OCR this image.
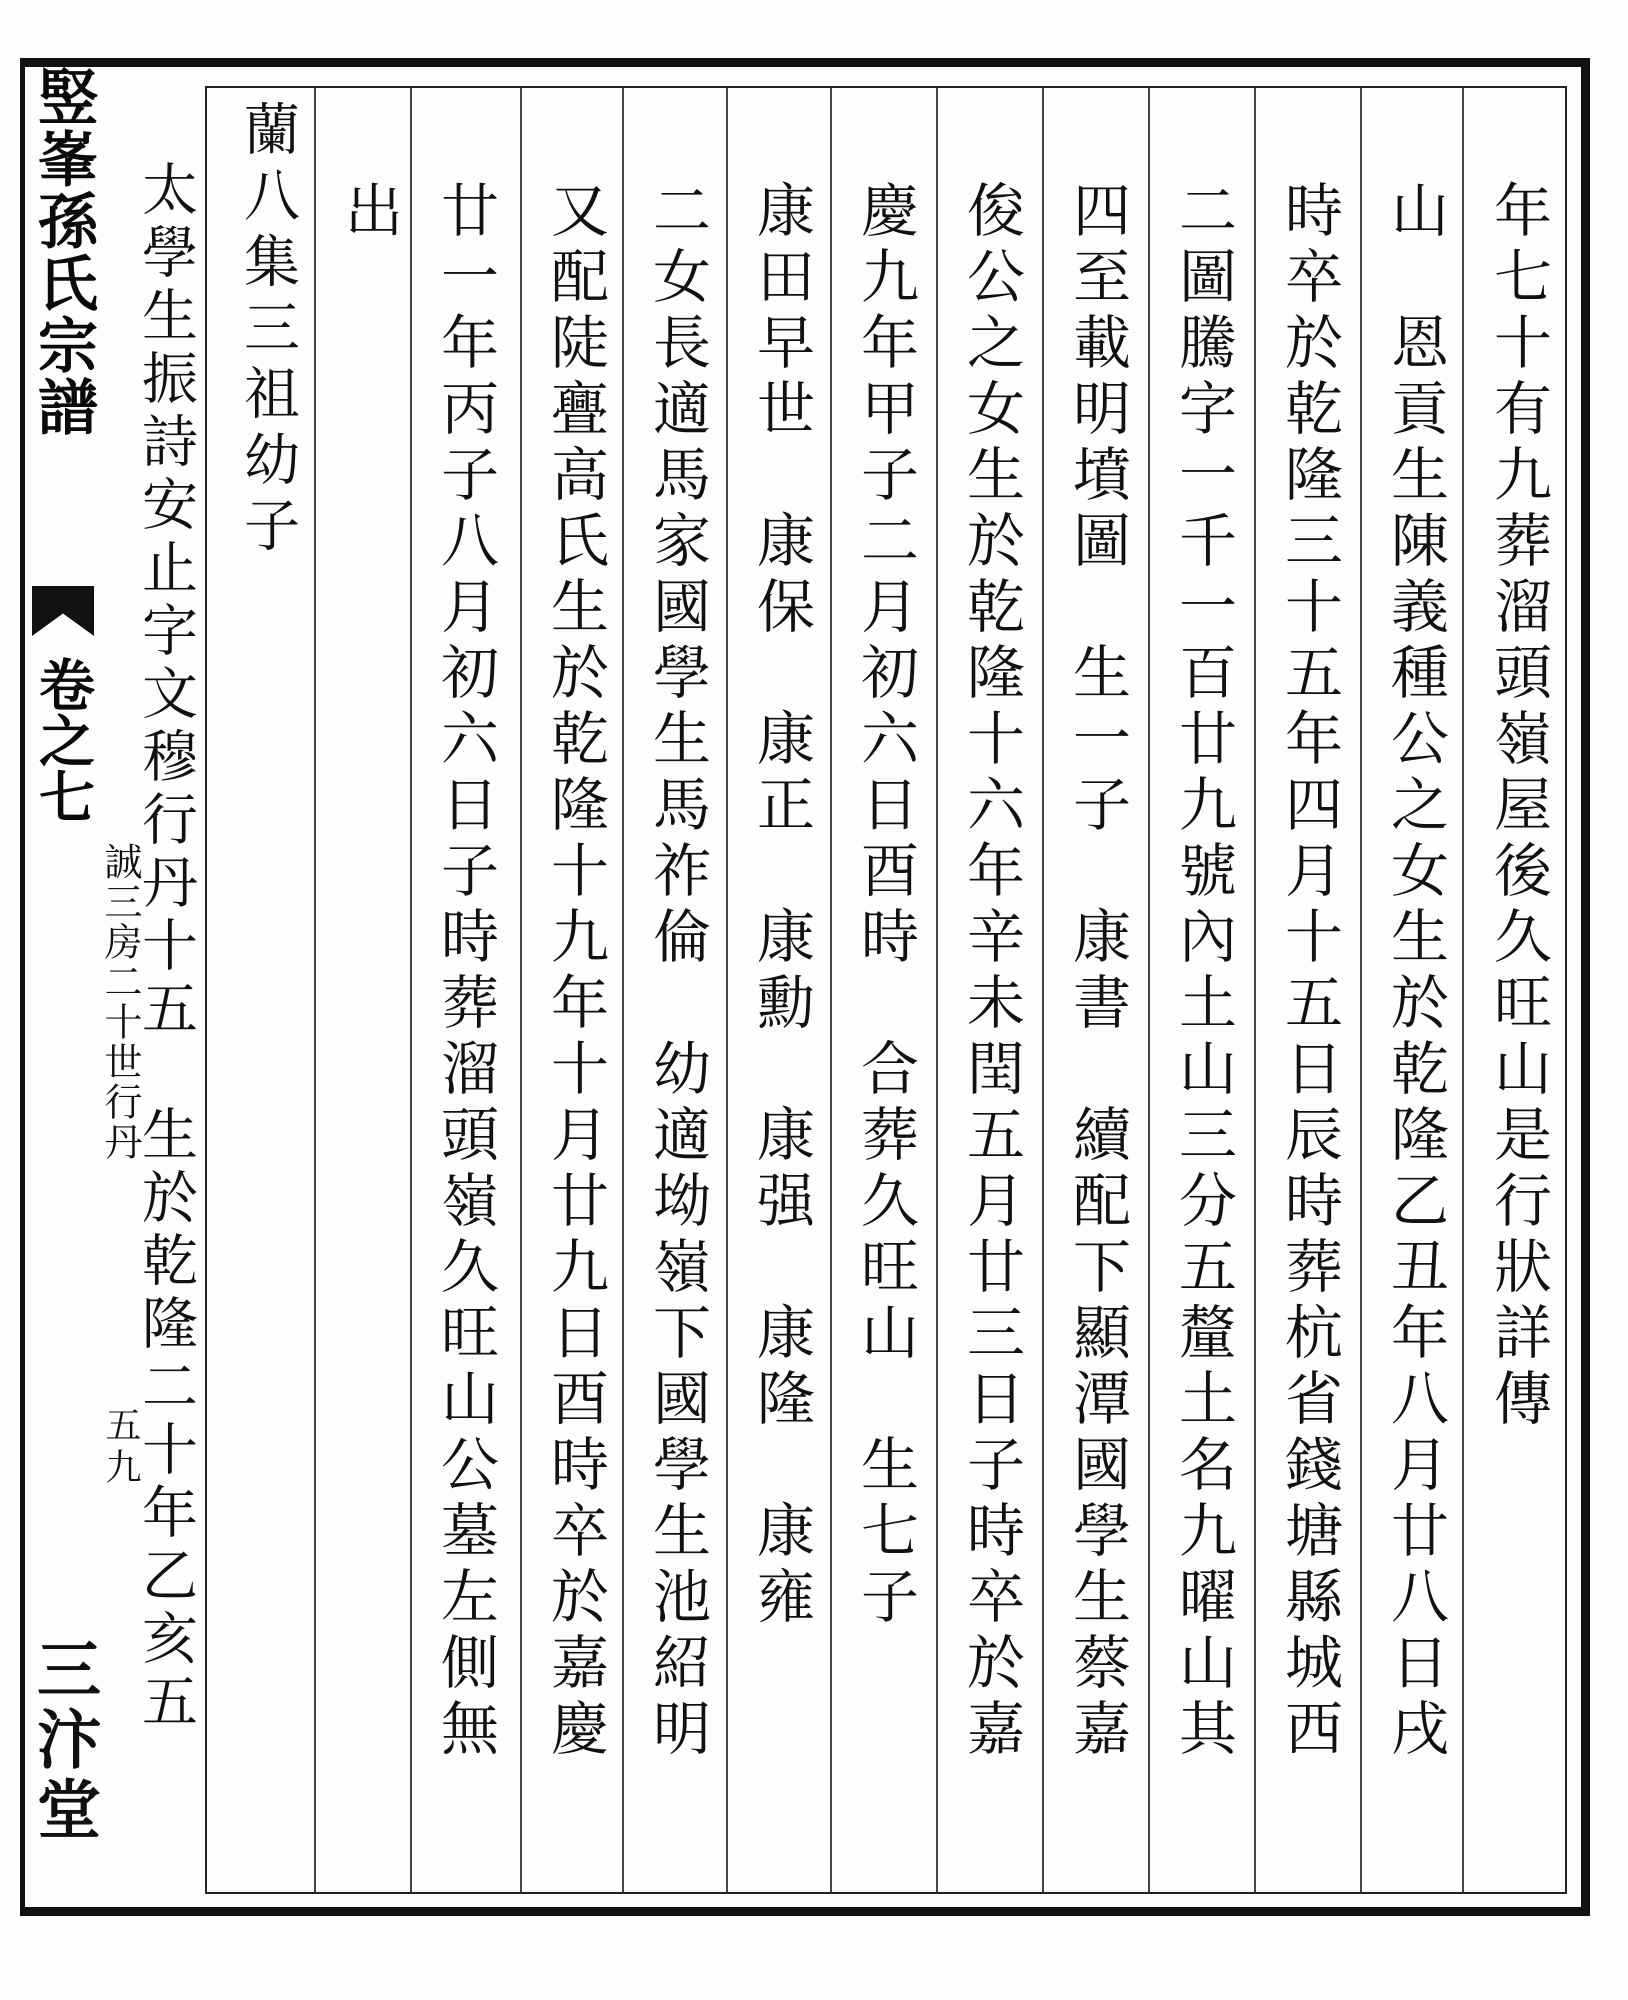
竪峯孫氏宗譜
卷之七
誠三房二十世行丹
五九
三汴堂
年七十有九葬溜頭嶺屋後久旺山是行狀詳傳
山　恩貢生陳義種公之女生於乾隆乙丑年八月廿八日戌
時卒於乾隆三十五年四月十五日辰時葬杭省錢塘縣城西
二圖騰字一千一百廿九號內土山三分五釐土名九曜山其
四至載明墳圖　生一子　康書　續配下顯潭國學生蔡嘉
俊公之女生於乾隆十六年辛未閏五月廿三日子時卒於嘉
慶九年甲子二月初六日酉時　合葬久旺山　生七子
康田早世　康保　康正　康勳　康强　康隆　康雍
二女長適馬家國學生馬祚倫　幼適坳嶺下國學生池紹明
又配陡亹高氏生於乾隆十九年十月廿九日酉時卒於嘉慶
廿一年丙子八月初六日子時葬溜頭嶺久旺山公墓左側無
出
蘭八集三祖幼子
太學生振詩安止字文穆行丹十五　生於乾隆二十年乙亥五
